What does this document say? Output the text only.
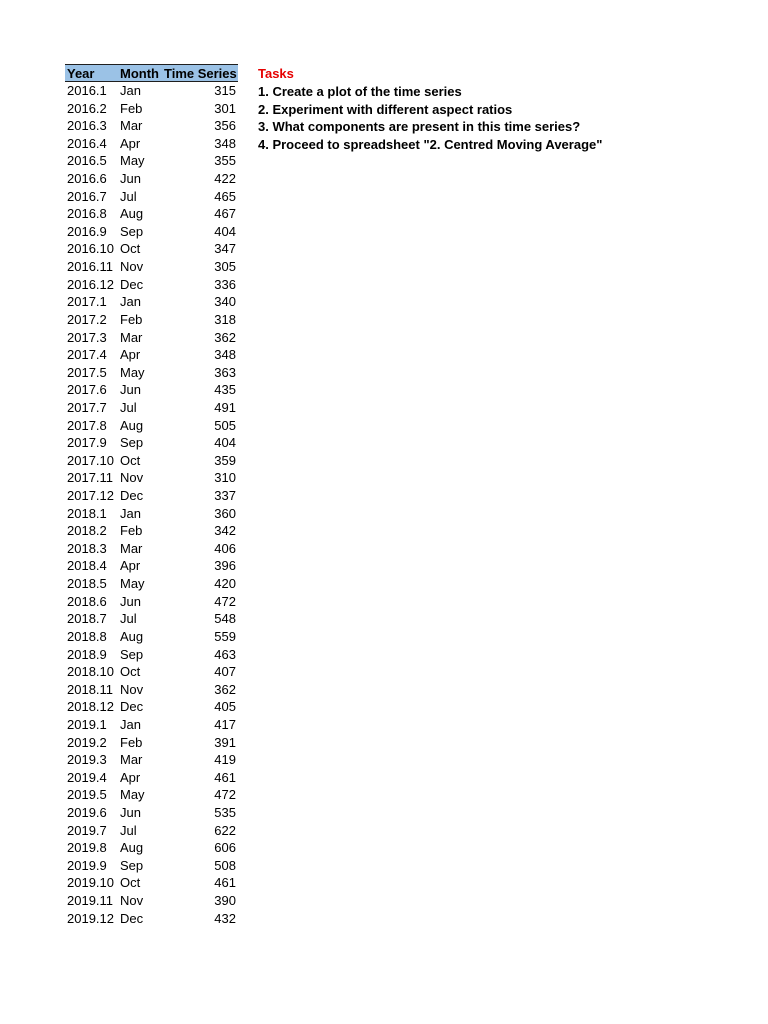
Year	Month Time Series
2016.1	Jan	315
2016.2	Feb	301
2016.3	Mar	356
2016.4	Apr	348
2016.5	May	355
2016.6	Jun	422
2016.7	Jul	465
2016.8	Aug	467
2016.9	Sep	404
2016.10 Oct	347
2016.11 Nov	305
2016.12 Dec	336
2017.1	Jan	340
2017.2	Feb	318
2017.3	Mar	362
2017.4	Apr	348
2017.5	May	363
2017.6	Jun	435
2017.7	Jul	491
2017.8	Aug	505
2017.9	Sep	404
2017.10 Oct	359
2017.11 Nov	310
2017.12 Dec	337
2018.1	Jan	360
2018.2	Feb	342
2018.3	Mar	406
2018.4	Apr	396
2018.5	May	420
2018.6	Jun	472
2018.7	Jul	548
2018.8	Aug	559
2018.9	Sep	463
2018.10 Oct	407
2018.11 Nov	362
2018.12 Dec	405
2019.1	Jan	417
2019.2	Feb	391
2019.3	Mar	419
2019.4	Apr	461
2019.5	May	472
2019.6	Jun	535
2019.7	Jul	622
2019.8	Aug	606
2019.9	Sep	508
2019.10 Oct	461
2019.11 Nov	390
2019.12 Dec	432
Tasks
1. Create a plot of the time series
2. Experiment with different aspect ratios
3. What components are present in this time series?
4. Proceed to spreadsheet "2. Centred Moving Average"
